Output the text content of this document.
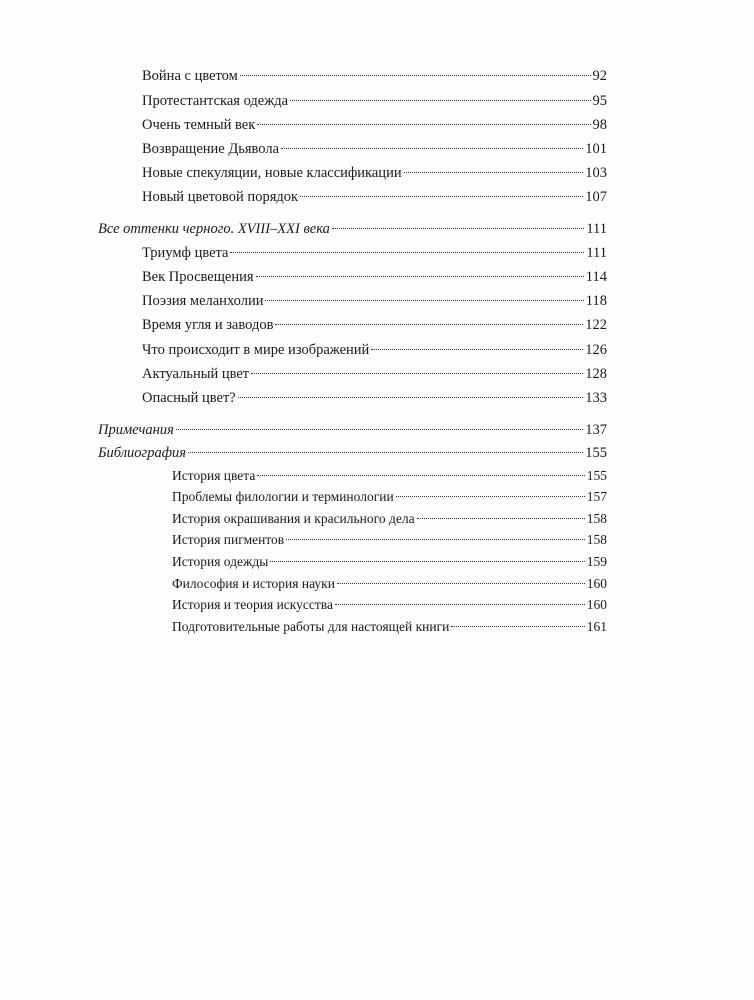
Война с цветом	92
Протестантская одежда	95
Очень темный век	98
Возвращение Дьявола	101
Новые спекуляции, новые классификации	103
Новый цветовой порядок	107
Все оттенки черного. XVIII–XXI века	111
Триумф цвета	111
Век Просвещения	114
Поэзия меланхолии	118
Время угля и заводов	122
Что происходит в мире изображений	126
Актуальный цвет	128
Опасный цвет?	133
Примечания	137
Библиография	155
История цвета	155
Проблемы филологии и терминологии	157
История окрашивания и красильного дела	158
История пигментов	158
История одежды	159
Философия и история науки	160
История и теория искусства	160
Подготовительные работы для настоящей книги	161
